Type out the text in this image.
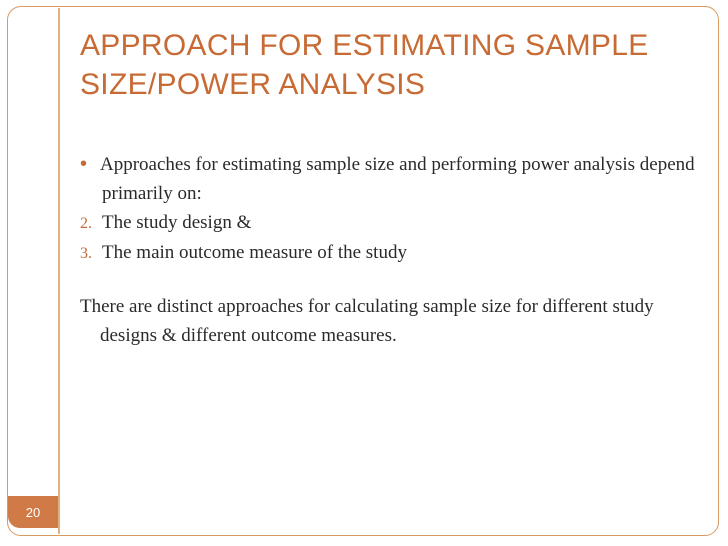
APPROACH FOR ESTIMATING SAMPLE SIZE/POWER ANALYSIS

• Approaches for estimating sample size and performing power analysis depend primarily on:

2. The study design &

3. The main outcome measure of the study

There are distinct approaches for calculating sample size for different study designs & different outcome measures.

20
